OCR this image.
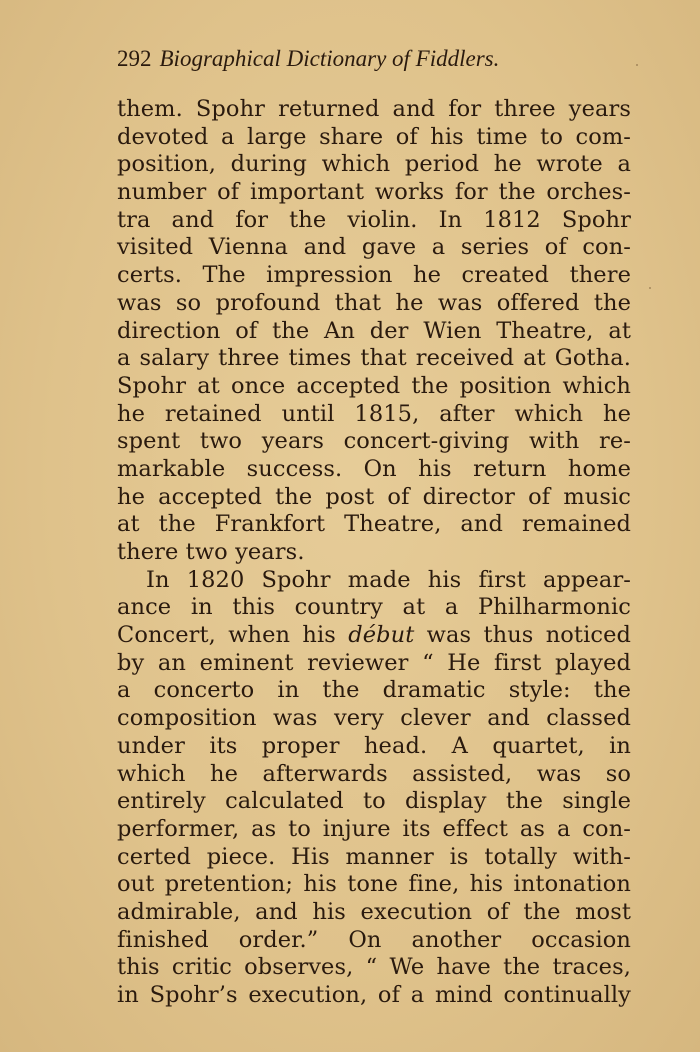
292 Biographical Dictionary of Fiddlers.
them. Spohr returned and for three years
devoted a large share of his time to com-
position, during which period he wrote a
number of important works for the orches-
tra and for the violin. In 1812 Spohr
visited Vienna and gave a series of con-
certs. The impression he created there
was so profound that he was offered the
direction of the An der Wien Theatre, at
a salary three times that received at Gotha.
Spohr at once accepted the position which
he retained until 1815, after which he
spent two years concert-giving with re-
markable success. On his return home
he accepted the post of director of music
at the Frankfort Theatre, and remained
there two years.
In 1820 Spohr made his first appear-
ance in this country at a Philharmonic
Concert, when his début was thus noticed
by an eminent reviewer “ He first played
a concerto in the dramatic style: the
composition was very clever and classed
under its proper head. A quartet, in
which he afterwards assisted, was so
entirely calculated to display the single
performer, as to injure its effect as a con-
certed piece. His manner is totally with-
out pretention; his tone fine, his intonation
admirable, and his execution of the most
finished order.” On another occasion
this critic observes, “ We have the traces,
in Spohr’s execution, of a mind continually
